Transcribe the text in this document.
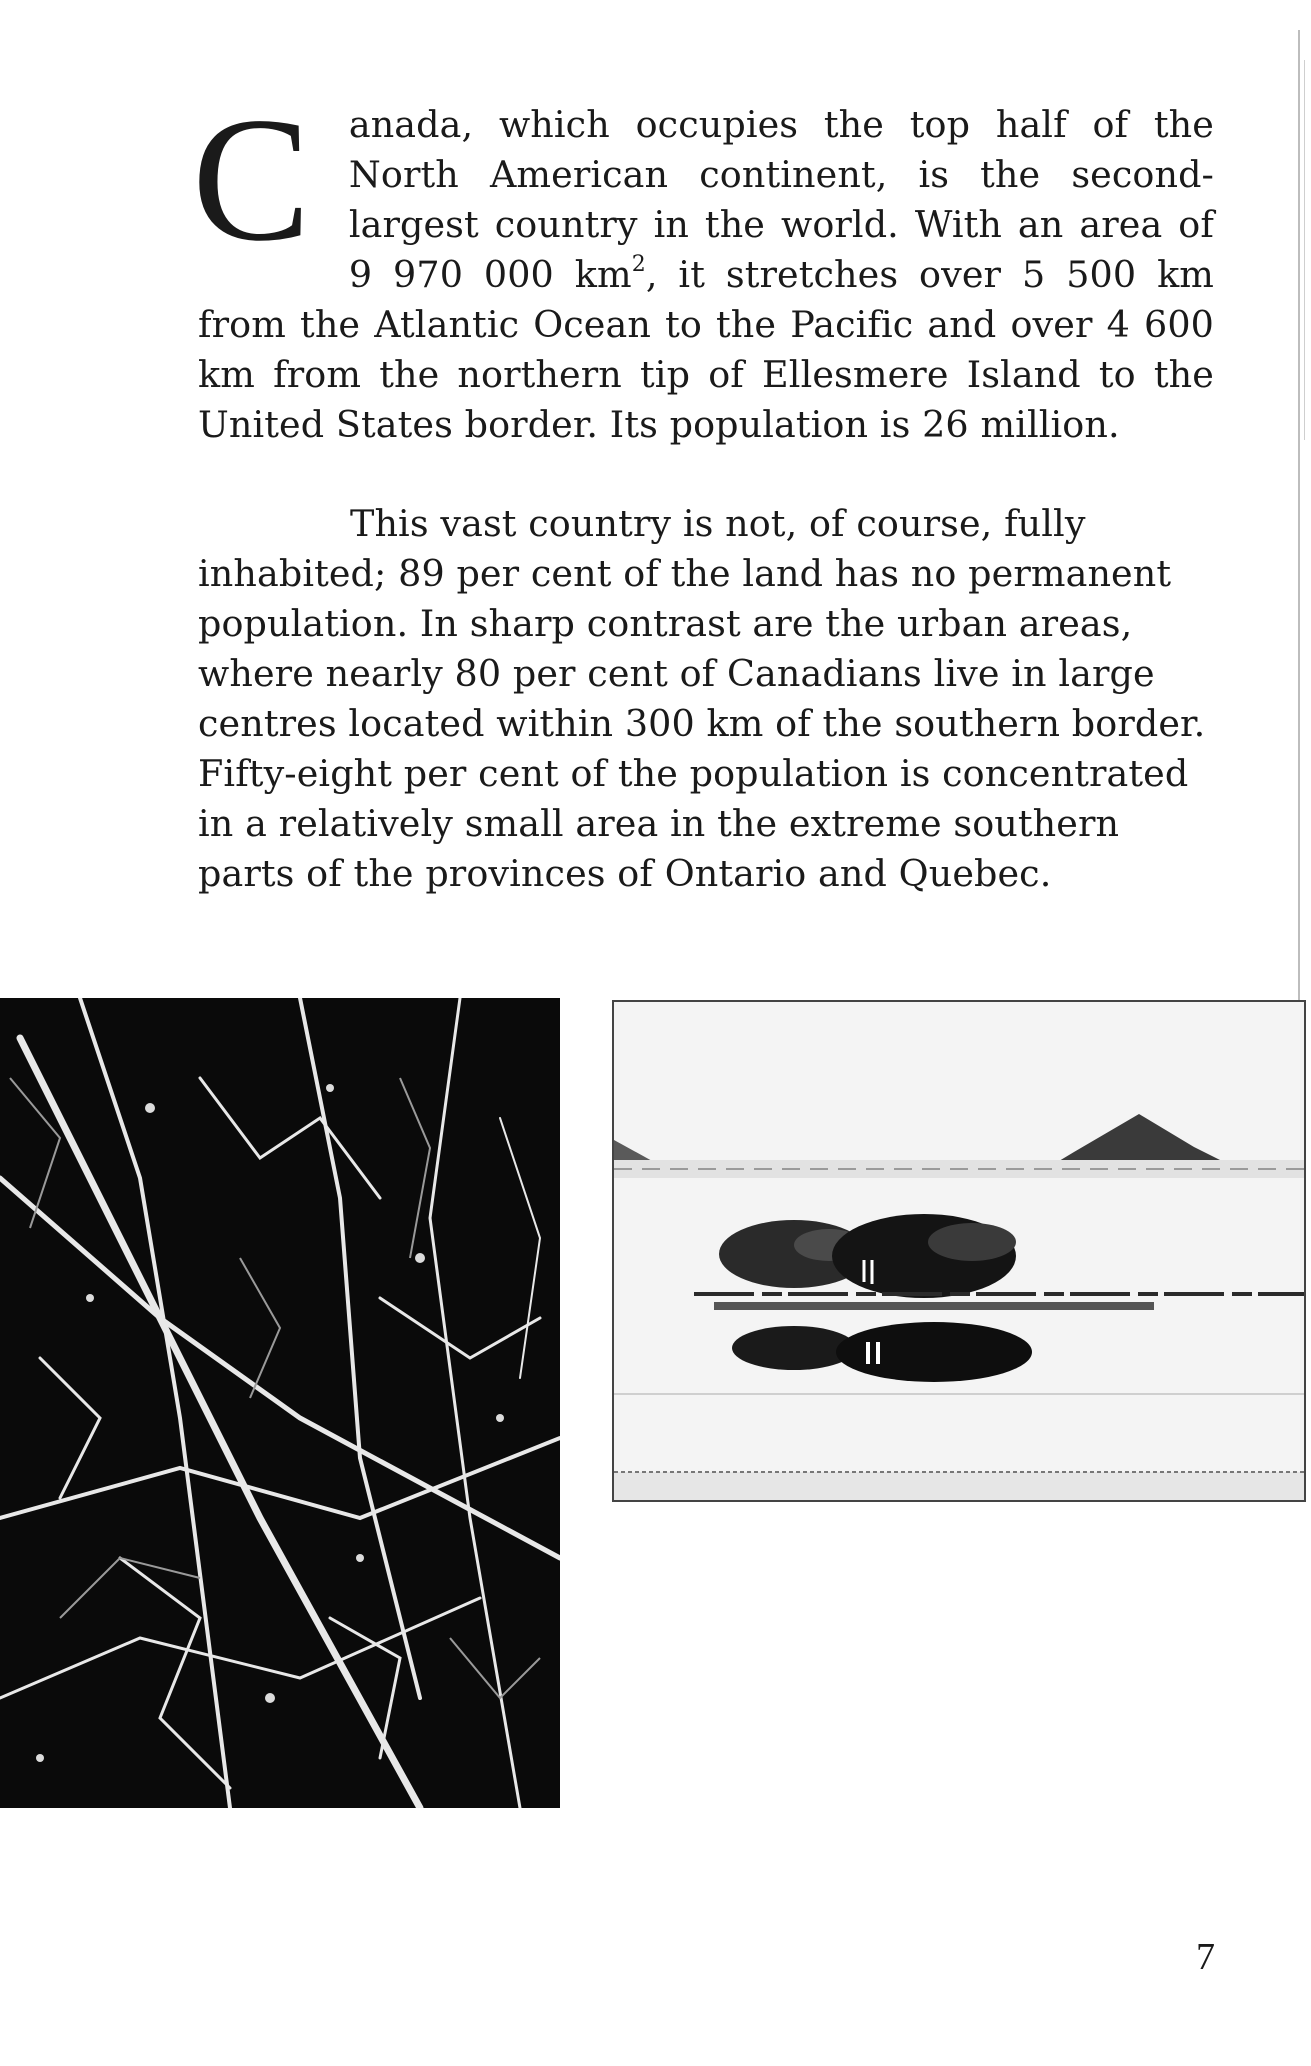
C anada, which occupies the top half of the North American continent, is the second-largest country in the world. With an area of 9 970 000 $km^2$, it stretches over 5 500 km from the Atlantic Ocean to the Pacific and over 4 600 km from the northern tip of Ellesmere Island to the United States border. Its population is 26 million.

This vast country is not, of course, fully inhabited; 89 per cent of the land has no permanent population. In sharp contrast are the urban areas, where nearly 80 per cent of Canadians live in large centres located within 300 km of the southern border. Fifty-eight per cent of the population is concentrated in a relatively small area in the extreme southern parts of the provinces of Ontario and Quebec.

7
